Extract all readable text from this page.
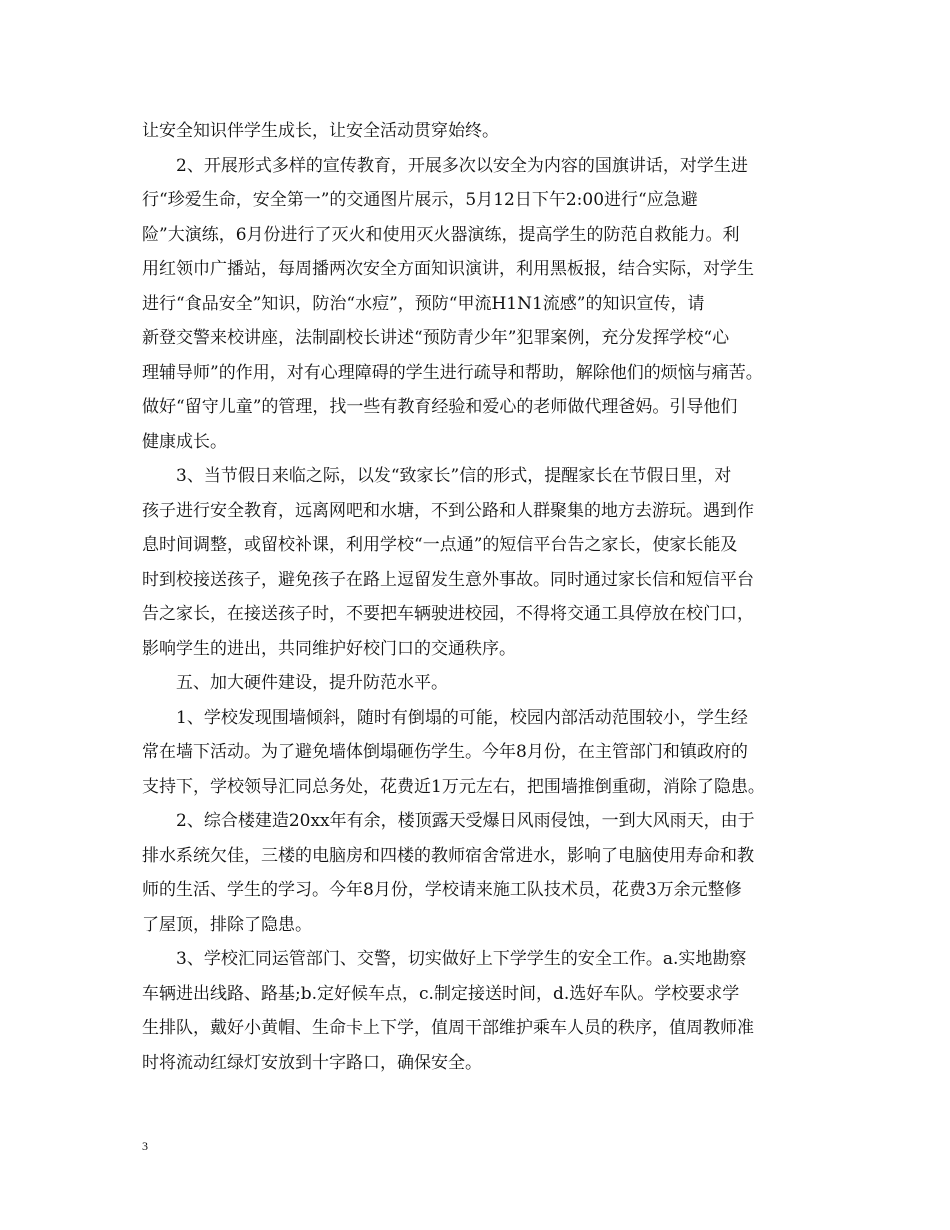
让安全知识伴学生成长，让安全活动贯穿始终。
2、开展形式多样的宣传教育，开展多次以安全为内容的国旗讲话，对学生进
行“珍爱生命，安全第一”的交通图片展示，5月12日下午2:00进行“应急避
险”大演练，6月份进行了灭火和使用灭火器演练，提高学生的防范自救能力。利
用红领巾广播站，每周播两次安全方面知识演讲，利用黑板报，结合实际，对学生
进行“食品安全”知识，防治“水痘”，预防“甲流H1N1流感”的知识宣传，请
新登交警来校讲座，法制副校长讲述“预防青少年”犯罪案例，充分发挥学校“心
理辅导师”的作用，对有心理障碍的学生进行疏导和帮助，解除他们的烦恼与痛苦。
做好“留守儿童”的管理，找一些有教育经验和爱心的老师做代理爸妈。引导他们
健康成长。
3、当节假日来临之际，以发“致家长”信的形式，提醒家长在节假日里，对
孩子进行安全教育，远离网吧和水塘，不到公路和人群聚集的地方去游玩。遇到作
息时间调整，或留校补课，利用学校“一点通”的短信平台告之家长，使家长能及
时到校接送孩子，避免孩子在路上逗留发生意外事故。同时通过家长信和短信平台
告之家长，在接送孩子时，不要把车辆驶进校园，不得将交通工具停放在校门口，
影响学生的进出，共同维护好校门口的交通秩序。
五、加大硬件建设，提升防范水平。
1、学校发现围墙倾斜，随时有倒塌的可能，校园内部活动范围较小，学生经
常在墙下活动。为了避免墙体倒塌砸伤学生。今年8月份，在主管部门和镇政府的
支持下，学校领导汇同总务处，花费近1万元左右，把围墙推倒重砌，消除了隐患。
2、综合楼建造20xx年有余，楼顶露天受爆日风雨侵蚀，一到大风雨天，由于
排水系统欠佳，三楼的电脑房和四楼的教师宿舍常进水，影响了电脑使用寿命和教
师的生活、学生的学习。今年8月份，学校请来施工队技术员，花费3万余元整修
了屋顶，排除了隐患。
3、学校汇同运管部门、交警，切实做好上下学学生的安全工作。a.实地勘察
车辆进出线路、路基;b.定好候车点，c.制定接送时间，d.选好车队。学校要求学
生排队，戴好小黄帽、生命卡上下学，值周干部维护乘车人员的秩序，值周教师准
时将流动红绿灯安放到十字路口，确保安全。
3
